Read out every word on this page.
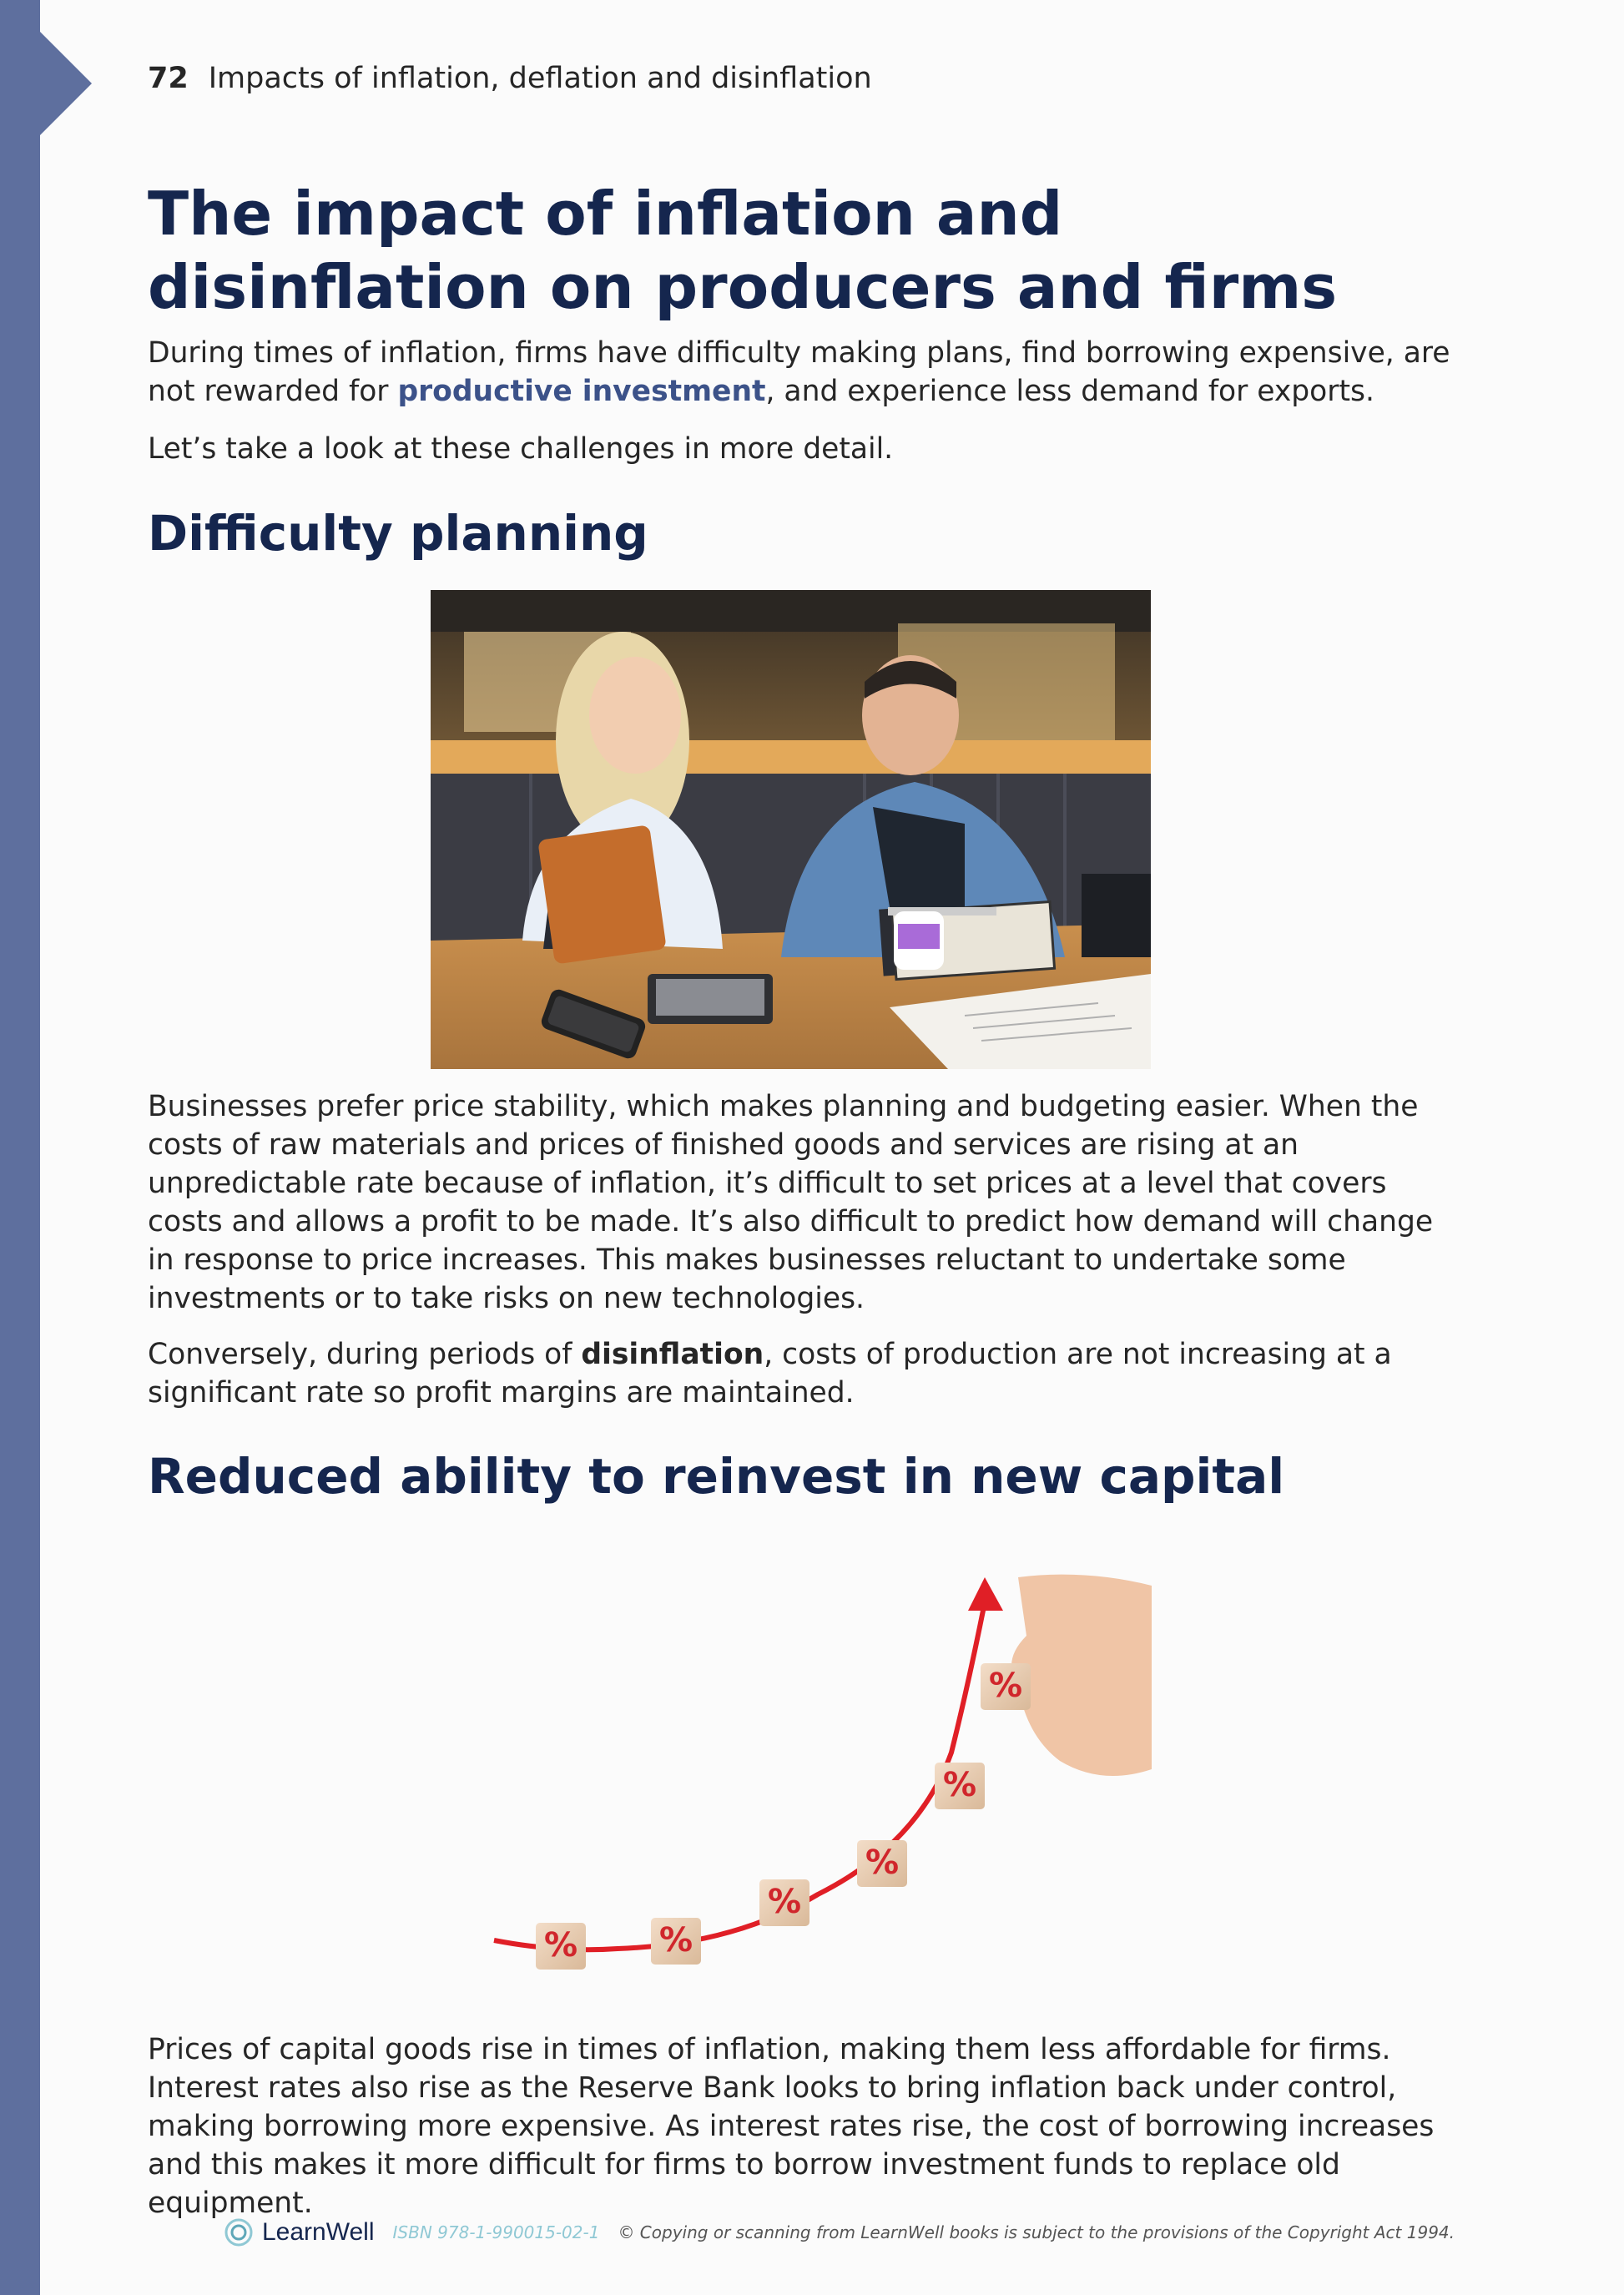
72 Impacts of inflation, deflation and disinflation
The impact of inflation and disinflation on producers and firms

During times of inflation, firms have difficulty making plans, find borrowing expensive, are not rewarded for productive investment, and experience less demand for exports.

Let’s take a look at these challenges in more detail.

Difficulty planning

Businesses prefer price stability, which makes planning and budgeting easier. When the costs of raw materials and prices of finished goods and services are rising at an unpredictable rate because of inflation, it’s difficult to set prices at a level that covers costs and allows a profit to be made. It’s also difficult to predict how demand will change in response to price increases. This makes businesses reluctant to undertake some investments or to take risks on new technologies.

Conversely, during periods of disinflation, costs of production are not increasing at a significant rate so profit margins are maintained.

Reduced ability to reinvest in new capital
% %
%
%
%
%

Prices of capital goods rise in times of inflation, making them less affordable for firms. Interest rates also rise as the Reserve Bank looks to bring inflation back under control, making borrowing more expensive. As interest rates rise, the cost of borrowing increases and this makes it more difficult for firms to borrow investment funds to replace old equipment.

LearnWell ISBN 978-1-990015-02-1 © Copying or scanning from LearnWell books is subject to the provisions of the Copyright Act 1994.
